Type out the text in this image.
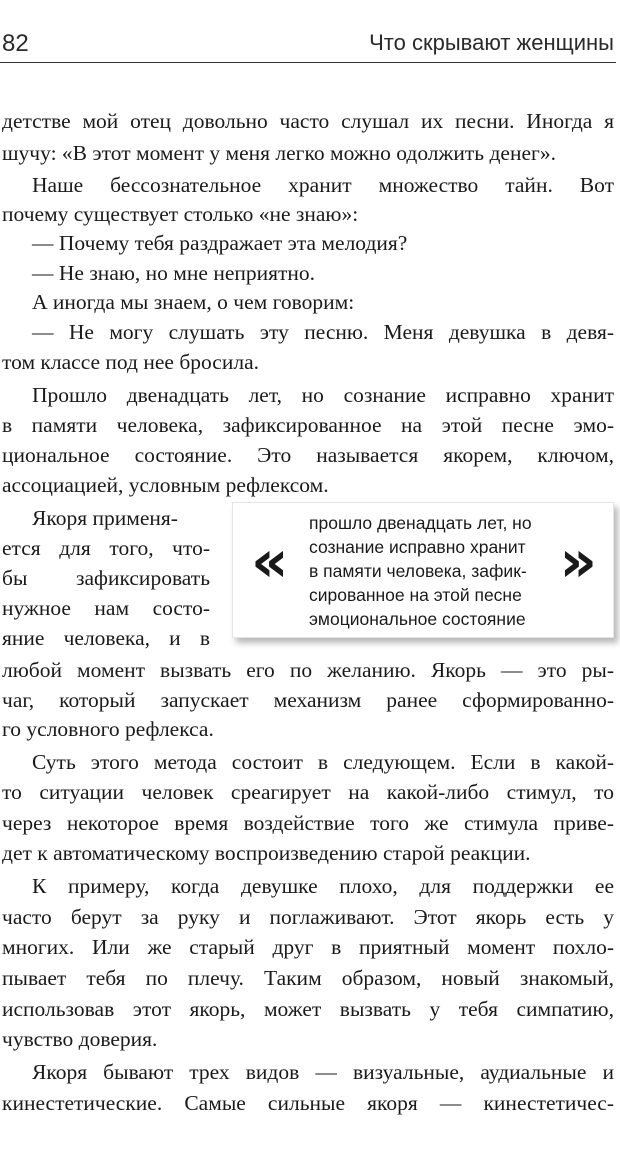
82	Что скрывают женщины
детстве мой отец довольно часто слушал их песни. Иногда я
шучу: «В этот момент у меня легко можно одолжить денег».
Наше бессознательное хранит множество тайн. Вот
почему существует столько «не знаю»:
— Почему тебя раздражает эта мелодия?
— Не знаю, но мне неприятно.
А иногда мы знаем, о чем говорим:
— Не могу слушать эту песню. Меня девушка в девя-
том классе под нее бросила.
Прошло двенадцать лет, но сознание исправно хранит
в памяти человека, зафиксированное на этой песне эмо-
циональное состояние. Это называется якорем, ключом,
ассоциацией, условным рефлексом.
Якоря применя-
ется для того, что-
бы зафиксировать
нужное нам состо-
яние человека, и в
любой момент вызвать его по желанию. Якорь — это ры-
чаг, который запускает механизм ранее сформированно-
го условного рефлекса.
Суть этого метода состоит в следующем. Если в какой-
то ситуации человек среагирует на какой-либо стимул, то
через некоторое время воздействие того же стимула приве-
дет к автоматическому воспроизведению старой реакции.
К примеру, когда девушке плохо, для поддержки ее
часто берут за руку и поглаживают. Этот якорь есть у
многих. Или же старый друг в приятный момент похло-
пывает тебя по плечу. Таким образом, новый знакомый,
использовав этот якорь, может вызвать у тебя симпатию,
чувство доверия.
Якоря бывают трех видов — визуальные, аудиальные и
кинестетические. Самые сильные якоря — кинестетичес-
«
прошло двенадцать лет, но
сознание исправно хранит
в памяти человека, зафик-
сированное на этой песне
эмоциональное состояние
»
